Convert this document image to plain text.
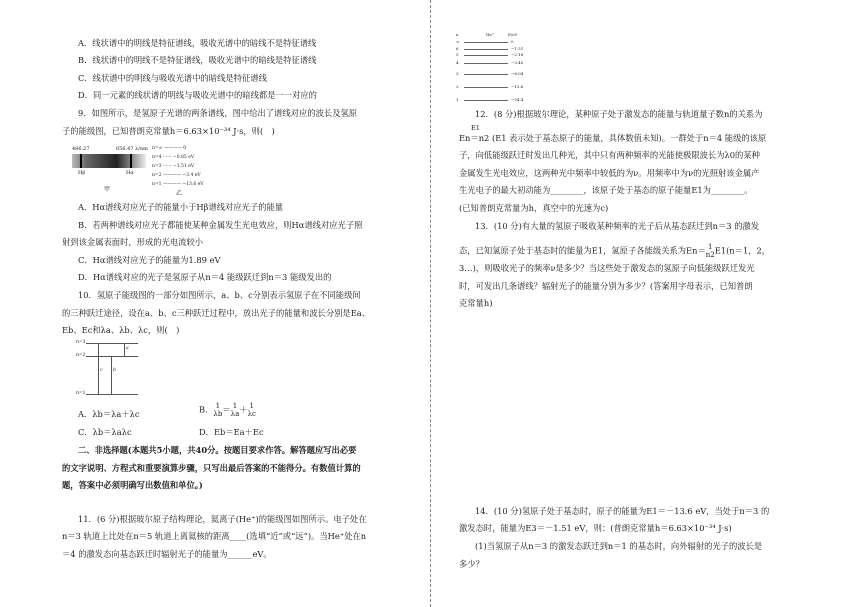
A．线状谱中的明线是特征谱线，吸收光谱中的暗线不是特征谱线
B．线状谱中的明线不是特征谱线，吸收光谱中的暗线是特征谱线
C．线状谱中的明线与吸收光谱中的暗线是特征谱线
D．同一元素的线状谱的明线与吸收光谱中的暗线都是一一对应的
9．如图所示，是氢原子光谱的两条谱线，图中给出了谱线对应的波长及氢原
子的能级图，已知普朗克常量h＝6.63×10⁻³⁴ J·s，则(　)
486.27	656.47 λ/nm
Hβ	Hα
甲
n=∞ ———— 0
n=4 ······ −0.85 eV
n=3 ······ −1.51 eV
n=2 ———— −3.4 eV
n=1 ———— −13.6 eV
乙
A．Hα谱线对应光子的能量小于Hβ谱线对应光子的能量
B．若两种谱线对应光子都能使某种金属发生光电效应，则Hα谱线对应光子照
射到该金属表面时，形成的光电流较小
C．Hα谱线对应光子的能量为1.89 eV
D．Hα谱线对应的光子是氢原子从n＝4 能级跃迁到n＝3 能级发出的
10．氢原子能级图的一部分如图所示，a、b、c分别表示氢原子在不同能级间
的三种跃迁途径，设在a、b、c三种跃迁过程中，放出光子的能量和波长分别是Ea、
Eb、Ec和λa、λb、λc，则(　)
n=3
n=2
n=1
c b
a
A．λb＝λa＋λc	B． 1
λb＝ 1
λa＋ 1
λc
C．λb＝λaλc	D．Eb＝Ea＋Ec
二、非选择题(本题共5小题，共40分。按题目要求作答。解答题应写出必要
的文字说明、方程式和重要演算步骤，只写出最后答案的不能得分。有数值计算的
题，答案中必须明确写出数值和单位。)
11．(6 分)根据玻尔原子结构理论，氦离子(He⁺)的能级图如图所示。电子处在
n＝3 轨道上比处在n＝5 轨道上离氦核的距离____(选填“近”或“远”)。当He⁺处在n
＝4 的激发态向基态跃迁时辐射光子的能量为______eV。
n	He⁺	E/eV
∞	0
6	−1.51
5	−2.18
4	−3.40
3	−6.04
2	−13.6
1	−54.4
12．(8 分)根据玻尔理论，某种原子处于激发态的能量与轨道量子数n的关系为
E1
En＝n2 (E1 表示处于基态原子的能量，具体数值未知)。一群处于n＝4 能级的该原
子，向低能级跃迁时发出几种光，其中只有两种频率的光能使极限波长为λ0的某种
金属发生光电效应，这两种光中频率中较低的为ν。用频率中为ν的光照射该金属产
生光电子的最大初动能为________，该原子处于基态的原子能量E1为________。
(已知普朗克常量为h，真空中的光速为c)
13．(10 分)有大量的氢原子吸收某种频率的光子后从基态跃迁到n＝3 的激发
态，已知氢原子处于基态时的能量为E1，氢原子各能级关系为En＝ 1
n2E1(n＝1，2，
3…)，则吸收光子的频率ν是多少？当这些处于激发态的氢原子向低能级跃迁发光
时，可发出几条谱线？辐射光子的能量分别为多少？(答案用字母表示，已知普朗
克常量h)
14．(10 分)氢原子处于基态时，原子的能量为E1＝－13.6 eV，当处于n＝3 的
激发态时，能量为E3＝－1.51 eV，则：(普朗克常量h＝6.63×10⁻³⁴ J·s)
(1)当氢原子从n＝3 的激发态跃迁到n＝1 的基态时，向外辐射的光子的波长是
多少？
